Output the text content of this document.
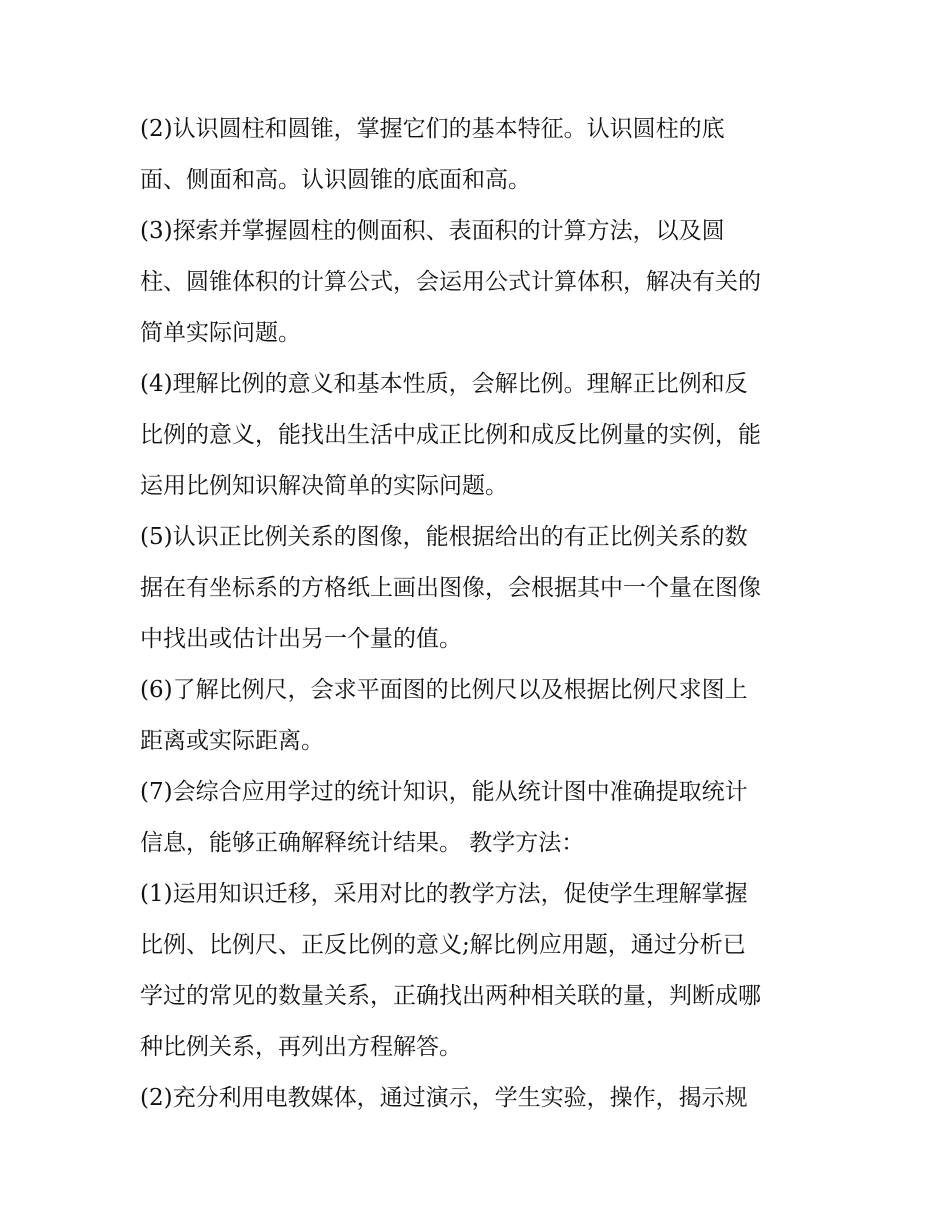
(2)认识圆柱和圆锥，掌握它们的基本特征。认识圆柱的底
面、侧面和高。认识圆锥的底面和高。
(3)探索并掌握圆柱的侧面积、表面积的计算方法，以及圆
柱、圆锥体积的计算公式，会运用公式计算体积，解决有关的
简单实际问题。
(4)理解比例的意义和基本性质，会解比例。理解正比例和反
比例的意义，能找出生活中成正比例和成反比例量的实例，能
运用比例知识解决简单的实际问题。
(5)认识正比例关系的图像，能根据给出的有正比例关系的数
据在有坐标系的方格纸上画出图像，会根据其中一个量在图像
中找出或估计出另一个量的值。
(6)了解比例尺，会求平面图的比例尺以及根据比例尺求图上
距离或实际距离。
(7)会综合应用学过的统计知识，能从统计图中准确提取统计
信息，能够正确解释统计结果。 教学方法：
(1)运用知识迁移，采用对比的教学方法，促使学生理解掌握
比例、比例尺、正反比例的意义;解比例应用题，通过分析已
学过的常见的数量关系，正确找出两种相关联的量，判断成哪
种比例关系，再列出方程解答。
(2)充分利用电教媒体，通过演示，学生实验，操作，揭示规
